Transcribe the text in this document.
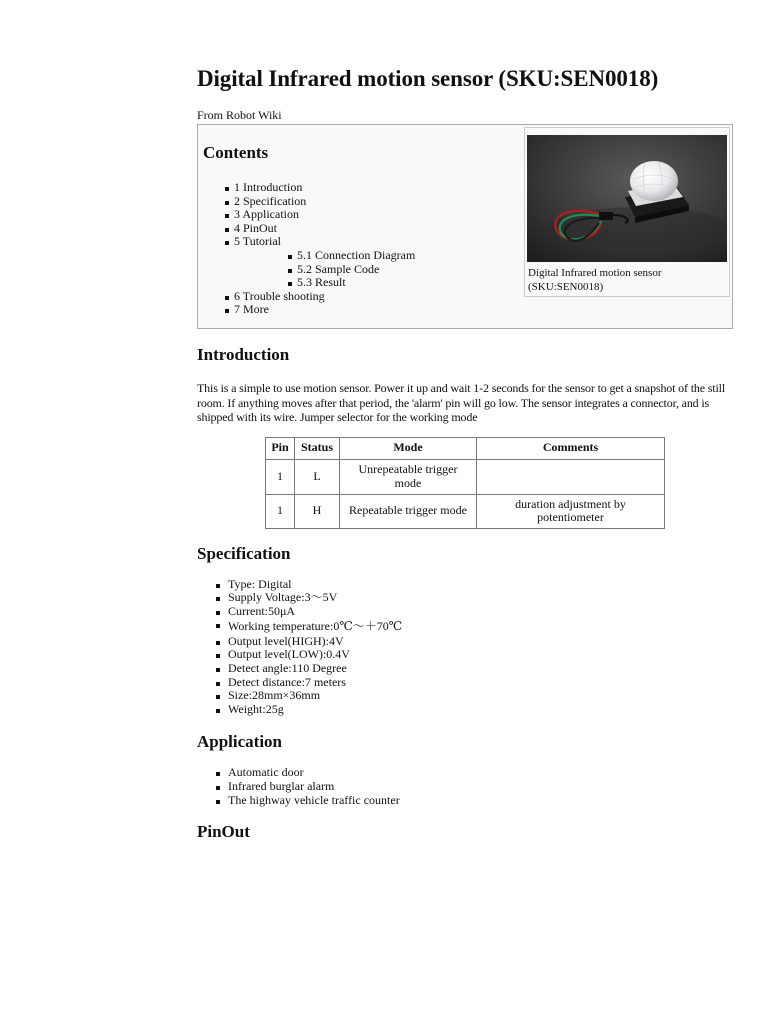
Digital Infrared motion sensor (SKU:SEN0018)
From Robot Wiki
Contents
1 Introduction
2 Specification
3 Application
4 PinOut
5 Tutorial
5.1 Connection Diagram
5.2 Sample Code
5.3 Result
6 Trouble shooting
7 More
Digital Infrared motion sensor (SKU:SEN0018)
Introduction

This is a simple to use motion sensor. Power it up and wait 1-2 seconds for the sensor to get a snapshot of the still room. If anything moves after that period, the 'alarm' pin will go low. The sensor integrates a connector, and is shipped with its wire. Jumper selector for the working mode

Pin	Status	Mode	Comments
1	L	Unrepeatable trigger mode	
1	H	Repeatable trigger mode	duration adjustment by potentiometer
Specification
Type: Digital
Supply Voltage:3～5V
Current:50μA
Working temperature:0℃～＋70℃
Output level(HIGH):4V
Output level(LOW):0.4V
Detect angle:110 Degree
Detect distance:7 meters
Size:28mm×36mm
Weight:25g
Application
Automatic door
Infrared burglar alarm
The highway vehicle traffic counter
PinOut
